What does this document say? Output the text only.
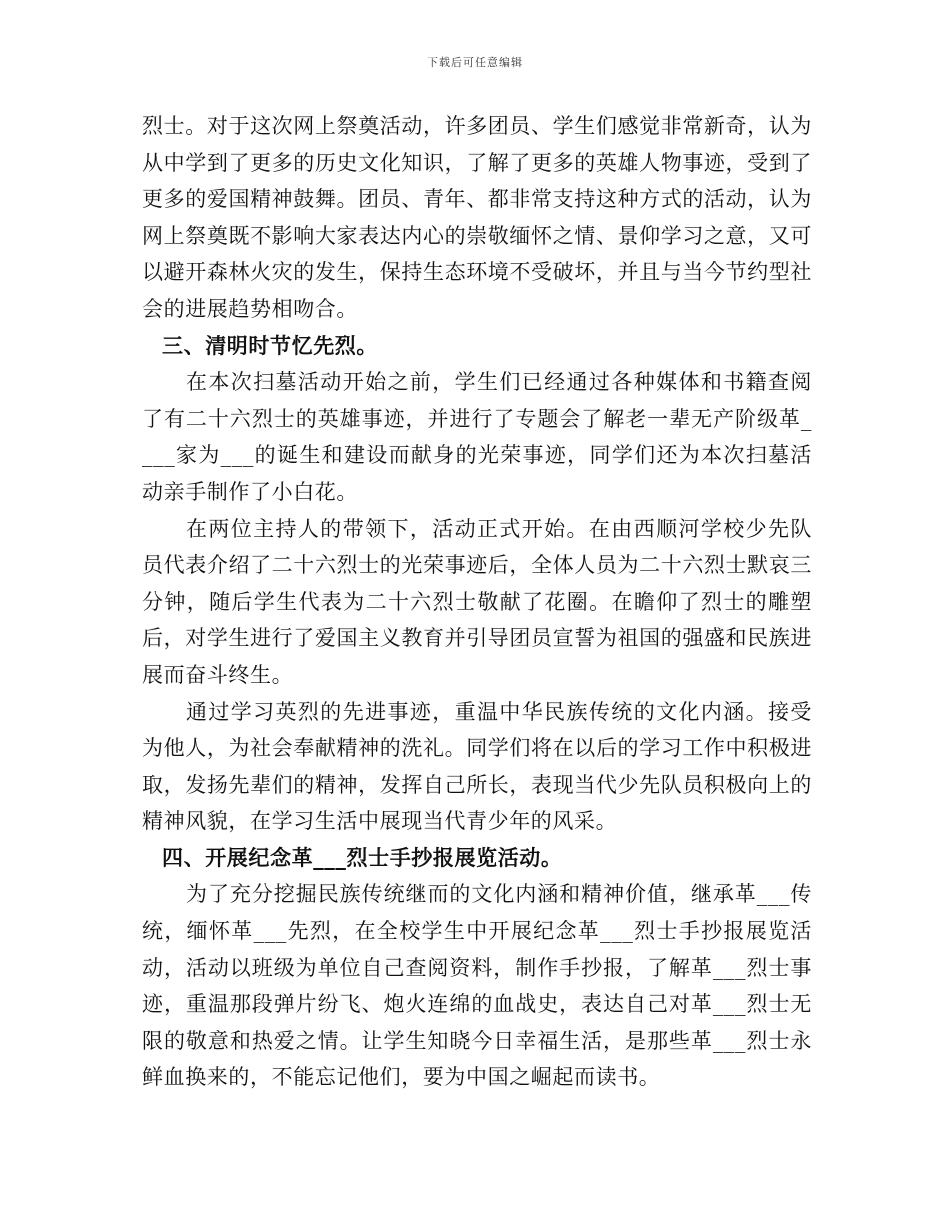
下载后可任意编辑

烈士。对于这次网上祭奠活动，许多团员、学生们感觉非常新奇，认为从中学到了更多的历史文化知识，了解了更多的英雄人物事迹，受到了更多的爱国精神鼓舞。团员、青年、都非常支持这种方式的活动，认为网上祭奠既不影响大家表达内心的崇敬缅怀之情、景仰学习之意，又可以避开森林火灾的发生，保持生态环境不受破坏，并且与当今节约型社会的进展趋势相吻合。

三、清明时节忆先烈。

在本次扫墓活动开始之前，学生们已经通过各种媒体和书籍查阅了有二十六烈士的英雄事迹，并进行了专题会了解老一辈无产阶级革____家为___的诞生和建设而献身的光荣事迹，同学们还为本次扫墓活动亲手制作了小白花。

在两位主持人的带领下，活动正式开始。在由西顺河学校少先队员代表介绍了二十六烈士的光荣事迹后，全体人员为二十六烈士默哀三分钟，随后学生代表为二十六烈士敬献了花圈。在瞻仰了烈士的雕塑后，对学生进行了爱国主义教育并引导团员宣誓为祖国的强盛和民族进展而奋斗终生。

通过学习英烈的先进事迹，重温中华民族传统的文化内涵。接受为他人，为社会奉献精神的洗礼。同学们将在以后的学习工作中积极进取，发扬先辈们的精神，发挥自己所长，表现当代少先队员积极向上的精神风貌，在学习生活中展现当代青少年的风采。

四、开展纪念革___烈士手抄报展览活动。

为了充分挖掘民族传统继而的文化内涵和精神价值，继承革___传统，缅怀革___先烈，在全校学生中开展纪念革___烈士手抄报展览活动，活动以班级为单位自己查阅资料，制作手抄报，了解革___烈士事迹，重温那段弹片纷飞、炮火连绵的血战史，表达自己对革___烈士无限的敬意和热爱之情。让学生知晓今日幸福生活，是那些革___烈士永鲜血换来的，不能忘记他们，要为中国之崛起而读书。
